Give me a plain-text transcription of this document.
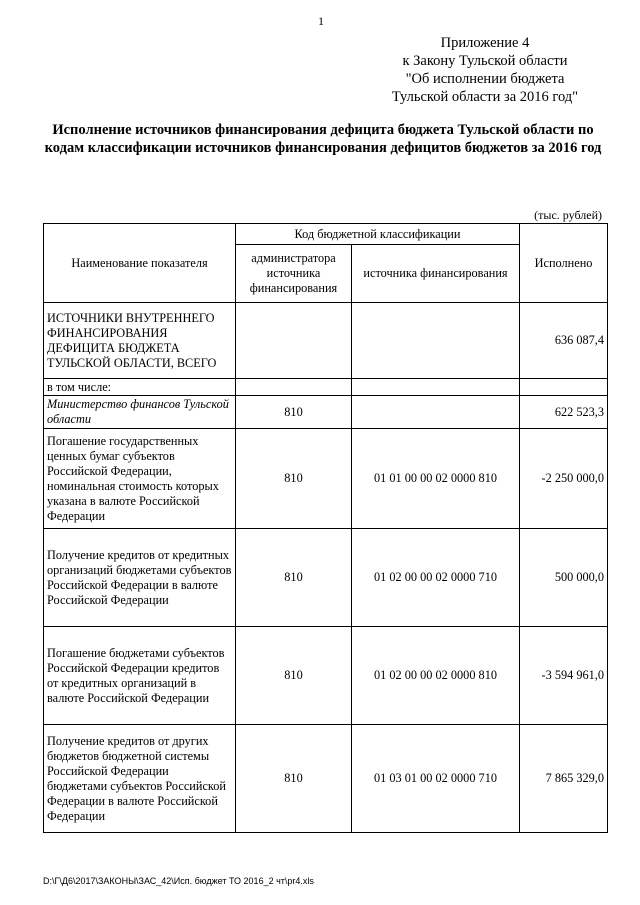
1
Приложение 4
к Закону Тульской области
"Об исполнении бюджета
Тульской области за 2016 год"
Исполнение источников финансирования дефицита бюджета Тульской области по кодам классификации источников финансирования дефицитов бюджетов за 2016 год
(тыс. рублей)
Наименование показателя	Код бюджетной классификации		Исполнено
	администратора источника финансирования	источника финансирования	
ИСТОЧНИКИ ВНУТРЕННЕГО ФИНАНСИРОВАНИЯ ДЕФИЦИТА БЮДЖЕТА ТУЛЬСКОЙ ОБЛАСТИ, ВСЕГО			636 087,4
в том числе:			
Министерство финансов Тульской области	810		622 523,3
Погашение государственных ценных бумаг субъектов Российской Федерации, номинальная стоимость которых указана в валюте Российской Федерации	810	01 01 00 00 02 0000 810	-2 250 000,0
Получение кредитов от кредитных организаций бюджетами субъектов Российской Федерации в валюте Российской Федерации	810	01 02 00 00 02 0000 710	500 000,0
Погашение бюджетами субъектов Российской Федерации кредитов от кредитных организаций в валюте Российской Федерации	810	01 02 00 00 02 0000 810	-3 594 961,0
Получение кредитов от других бюджетов бюджетной системы Российской Федерации бюджетами субъектов Российской Федерации в валюте Российской Федерации	810	01 03 01 00 02 0000 710	7 865 329,0
D:\Г\Д6\2017\ЗАКОНЫ\ЗАС_42\Исп. бюджет ТО 2016_2 чт\pr4.xls
